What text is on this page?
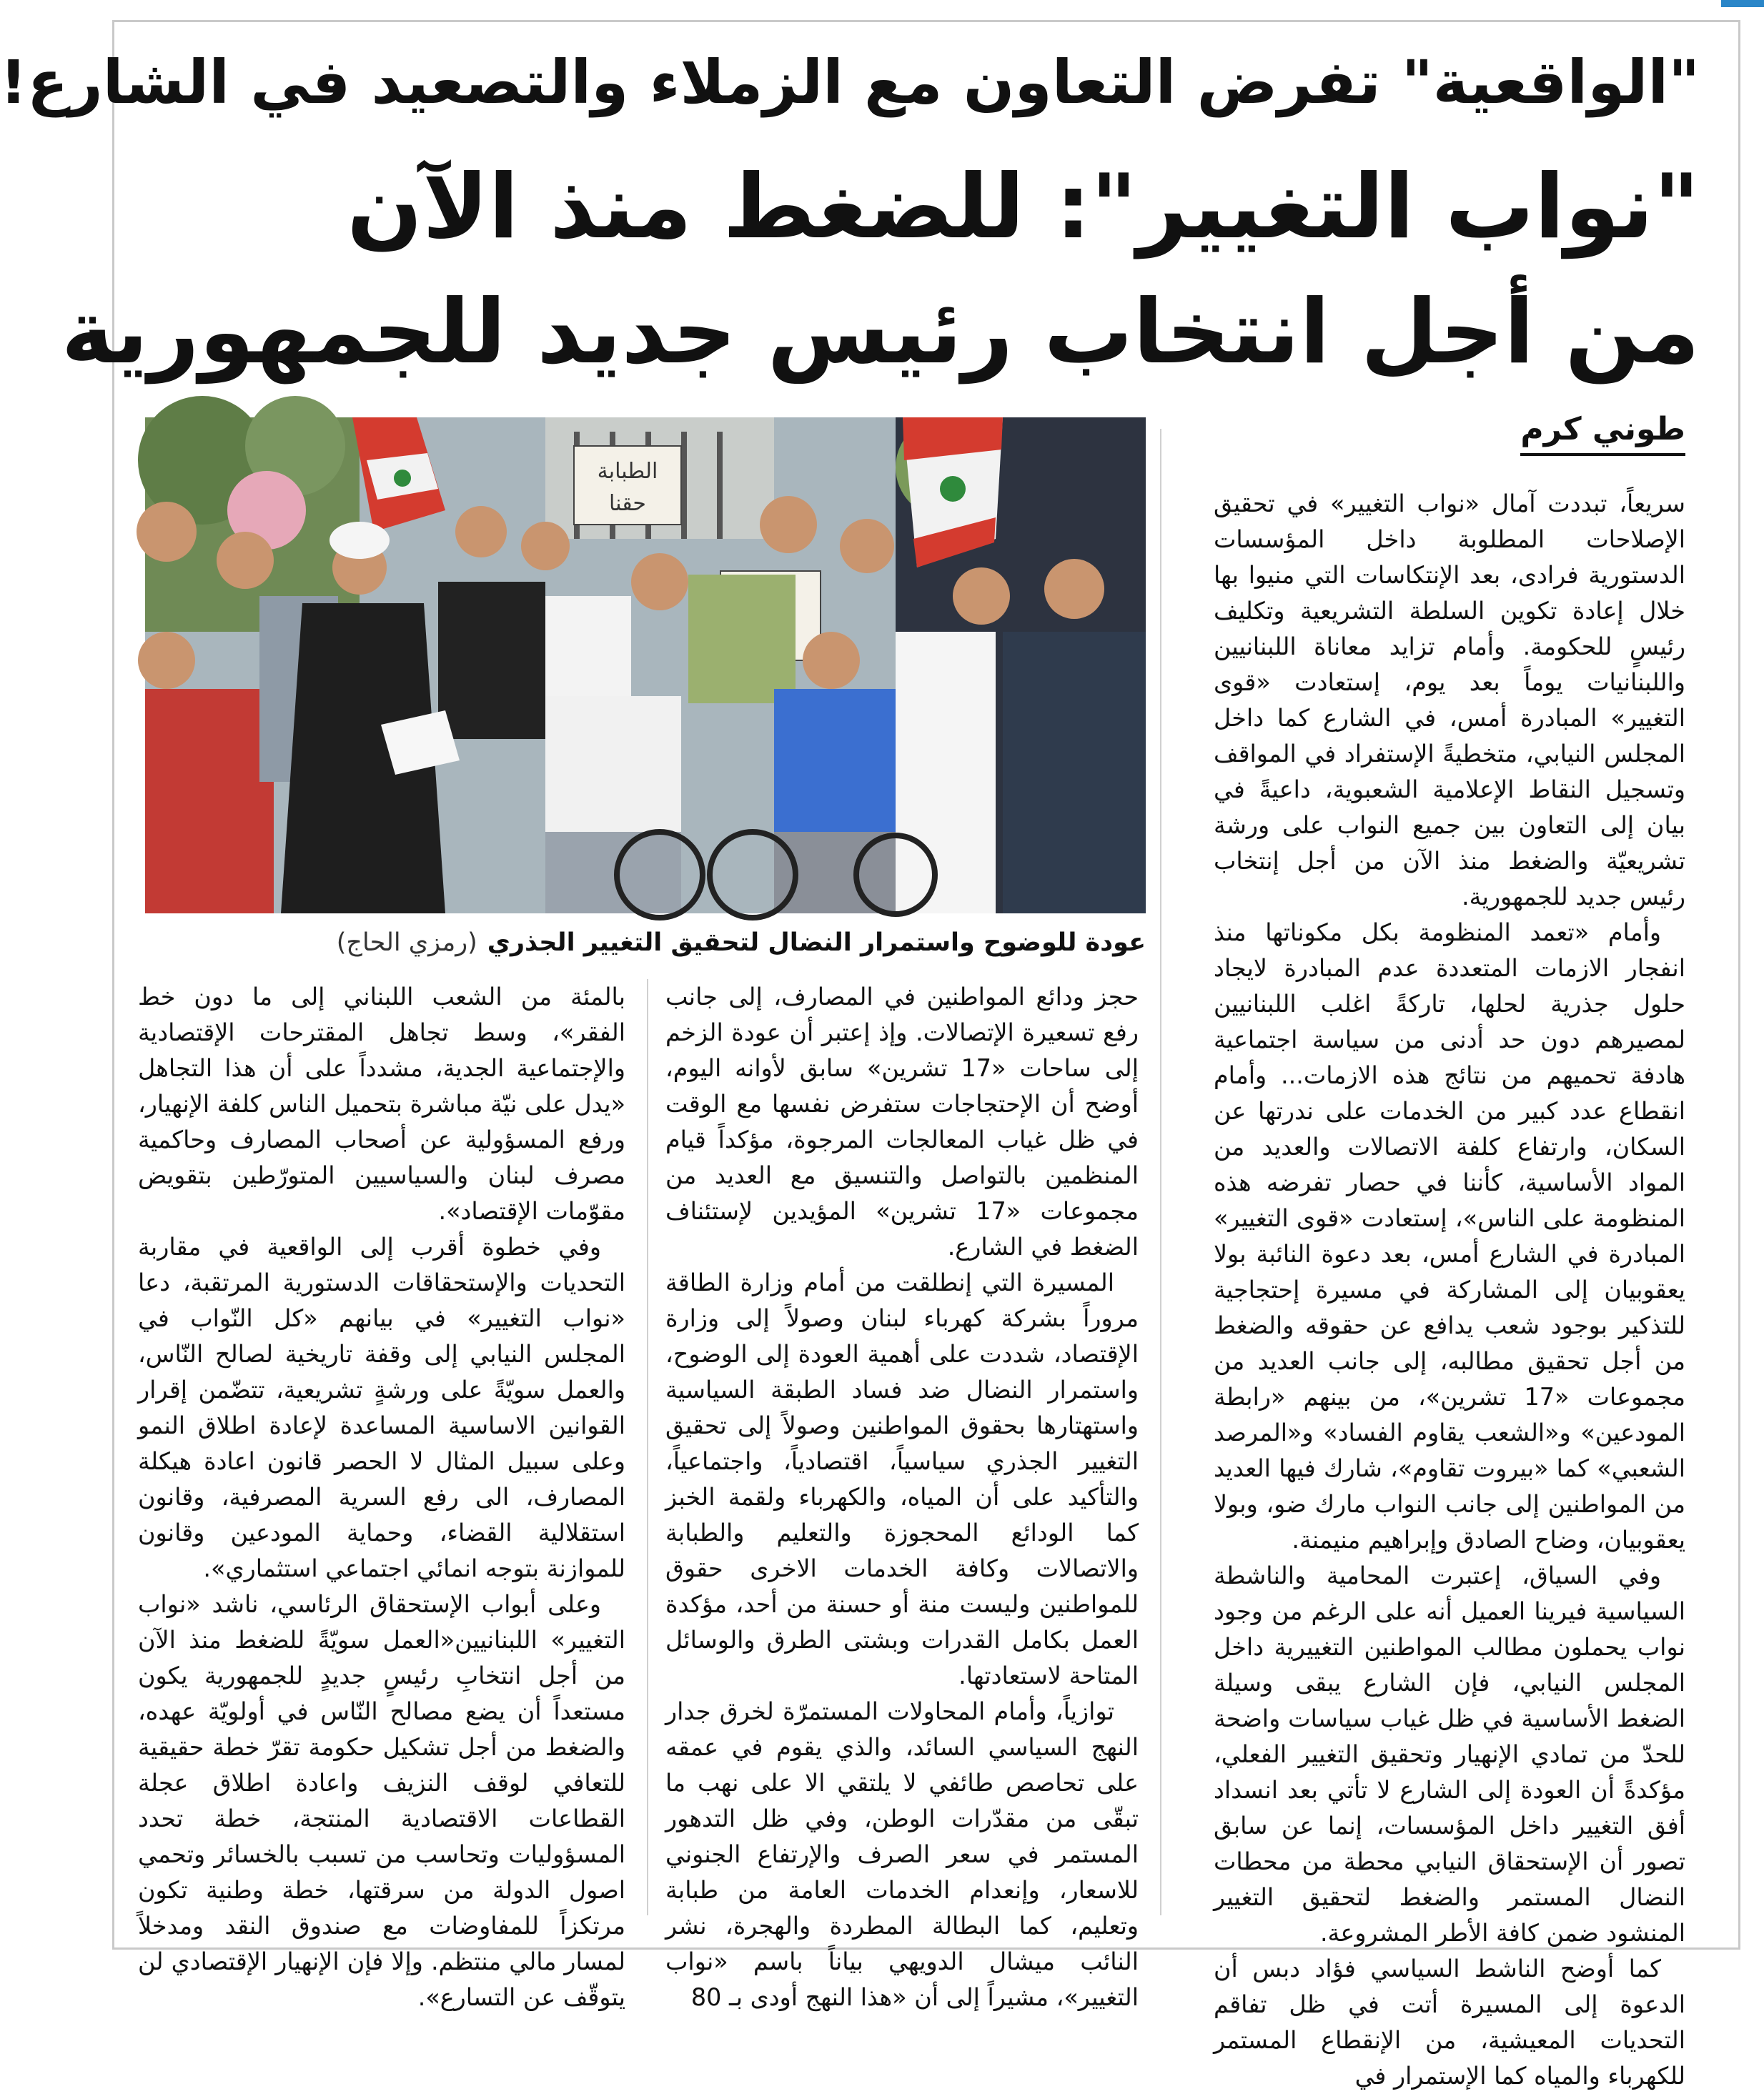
"الواقعية" تفرض التعاون مع الزملاء والتصعيد في الشارع!
"نواب التغيير": للضغط منذ الآن
من أجل انتخاب رئيس جديد للجمهورية
طوني كرم
الطبابة
حقنا
عودة للوضوح واستمرار النضال لتحقيق التغيير الجذري(رمزي الحاج)

سريعاً، تبددت آمال «نواب التغيير» في تحقيق الإصلاحات المطلوبة داخل المؤسسات الدستورية فرادى، بعد الإنتكاسات التي منيوا بها خلال إعادة تكوين السلطة التشريعية وتكليف رئيسٍ للحكومة. وأمام تزايد معاناة اللبنانيين واللبنانيات يوماً بعد يوم، إستعادت «قوى التغيير» المبادرة أمس، في الشارع كما داخل المجلس النيابي، متخطيةً الإستفراد في المواقف وتسجيل النقاط الإعلامية الشعبوية، داعيةً في بيان إلى التعاون بين جميع النواب على ورشة تشريعيّة والضغط منذ الآن من أجل إنتخاب رئيس جديد للجمهورية.

وأمام «تعمد المنظومة بكل مكوناتها منذ انفجار الازمات المتعددة عدم المبادرة لايجاد حلول جذرية لحلها، تاركةً اغلب اللبنانيين لمصيرهم دون حد أدنى من سياسة اجتماعية هادفة تحميهم من نتائج هذه الازمات... وأمام انقطاع عدد كبير من الخدمات على ندرتها عن السكان، وارتفاع كلفة الاتصالات والعديد من المواد الأساسية، كأننا في حصار تفرضه هذه المنظومة على الناس»، إستعادت «قوى التغيير» المبادرة في الشارع أمس، بعد دعوة النائبة بولا يعقوبيان إلى المشاركة في مسيرة إحتجاجية للتذكير بوجود شعب يدافع عن حقوقه والضغط من أجل تحقيق مطالبه، إلى جانب العديد من مجموعات «17 تشرين»، من بينهم «رابطة المودعين» و«الشعب يقاوم الفساد» و«المرصد الشعبي» كما «بيروت تقاوم»، شارك فيها العديد من المواطنين إلى جانب النواب مارك ضو، وبولا يعقوبيان، وضاح الصادق وإبراهيم منيمنة.

وفي السياق، إعتبرت المحامية والناشطة السياسية فيرينا العميل أنه على الرغم من وجود نواب يحملون مطالب المواطنين التغييرية داخل المجلس النيابي، فإن الشارع يبقى وسيلة الضغط الأساسية في ظل غياب سياسات واضحة للحدّ من تمادي الإنهيار وتحقيق التغيير الفعلي، مؤكدةً أن العودة إلى الشارع لا تأتي بعد انسداد أفق التغيير داخل المؤسسات، إنما عن سابق تصور أن الإستحقاق النيابي محطة من محطات النضال المستمر والضغط لتحقيق التغيير المنشود ضمن كافة الأطر المشروعة.

كما أوضح الناشط السياسي فؤاد دبس أن الدعوة إلى المسيرة أتت في ظل تفاقم التحديات المعيشية، من الإنقطاع المستمر للكهرباء والمياه كما الإستمرار في

حجز ودائع المواطنين في المصارف، إلى جانب رفع تسعيرة الإتصالات. وإذ إعتبر أن عودة الزخم إلى ساحات «17 تشرين» سابق لأوانه اليوم، أوضح أن الإحتجاجات ستفرض نفسها مع الوقت في ظل غياب المعالجات المرجوة، مؤكداً قيام المنظمين بالتواصل والتنسيق مع العديد من مجموعات «17 تشرين» المؤيدين لإستئناف الضغط في الشارع.

المسيرة التي إنطلقت من أمام وزارة الطاقة مروراً بشركة كهرباء لبنان وصولاً إلى وزارة الإقتصاد، شددت على أهمية العودة إلى الوضوح، واستمرار النضال ضد فساد الطبقة السياسية واستهتارها بحقوق المواطنين وصولاً إلى تحقيق التغيير الجذري سياسياً، اقتصادياً، واجتماعياً، والتأكيد على أن المياه، والكهرباء ولقمة الخبز كما الودائع المحجوزة والتعليم والطبابة والاتصالات وكافة الخدمات الاخرى حقوق للمواطنين وليست منة أو حسنة من أحد، مؤكدة العمل بكامل القدرات وبشتى الطرق والوسائل المتاحة لاستعادتها.

توازياً، وأمام المحاولات المستمرّة لخرق جدار النهج السياسي السائد، والذي يقوم في عمقه على تحاصص طائفي لا يلتقي الا على نهب ما تبقّى من مقدّرات الوطن، وفي ظل التدهور المستمر في سعر الصرف والإرتفاع الجنوني للاسعار، وإنعدام الخدمات العامة من طبابة وتعليم، كما البطالة المطردة والهجرة، نشر النائب ميشال الدويهي بياناً باسم «نواب التغيير»، مشيراً إلى أن «هذا النهج أودى بـ 80

بالمئة من الشعب اللبناني إلى ما دون خط الفقر»، وسط تجاهل المقترحات الإقتصادية والإجتماعية الجدية، مشدداً على أن هذا التجاهل «يدل على نيّة مباشرة بتحميل الناس كلفة الإنهيار، ورفع المسؤولية عن أصحاب المصارف وحاكمية مصرف لبنان والسياسيين المتورّطين بتقويض مقوّمات الإقتصاد».

وفي خطوة أقرب إلى الواقعية في مقاربة التحديات والإستحقاقات الدستورية المرتقبة، دعا «نواب التغيير» في بيانهم «كل النّواب في المجلس النيابي إلى وقفة تاريخية لصالح النّاس، والعمل سويّةً على ورشةٍ تشريعية، تتضّمن إقرار القوانين الاساسية المساعدة لإعادة اطلاق النمو وعلى سبيل المثال لا الحصر قانون اعادة هيكلة المصارف، الى رفع السرية المصرفية، وقانون استقلالية القضاء، وحماية المودعين وقانون للموازنة بتوجه انمائي اجتماعي استثماري».

وعلى أبواب الإستحقاق الرئاسي، ناشد «نواب التغيير» اللبنانيين«العمل سويّةً للضغط منذ الآن من أجل انتخابِ رئيسٍ جديدٍ للجمهورية يكون مستعداً أن يضع مصالح النّاس في أولويّة عهده، والضغط من أجل تشكيل حكومة تقرّ خطة حقيقية للتعافي لوقف النزيف واعادة اطلاق عجلة القطاعات الاقتصادية المنتجة، خطة تحدد المسؤوليات وتحاسب من تسبب بالخسائر وتحمي اصول الدولة من سرقتها، خطة وطنية تكون مرتكزاً للمفاوضات مع صندوق النقد ومدخلاً لمسار مالي منتظم. وإلا فإن الإنهيار الإقتصادي لن يتوقّف عن التسارع».
